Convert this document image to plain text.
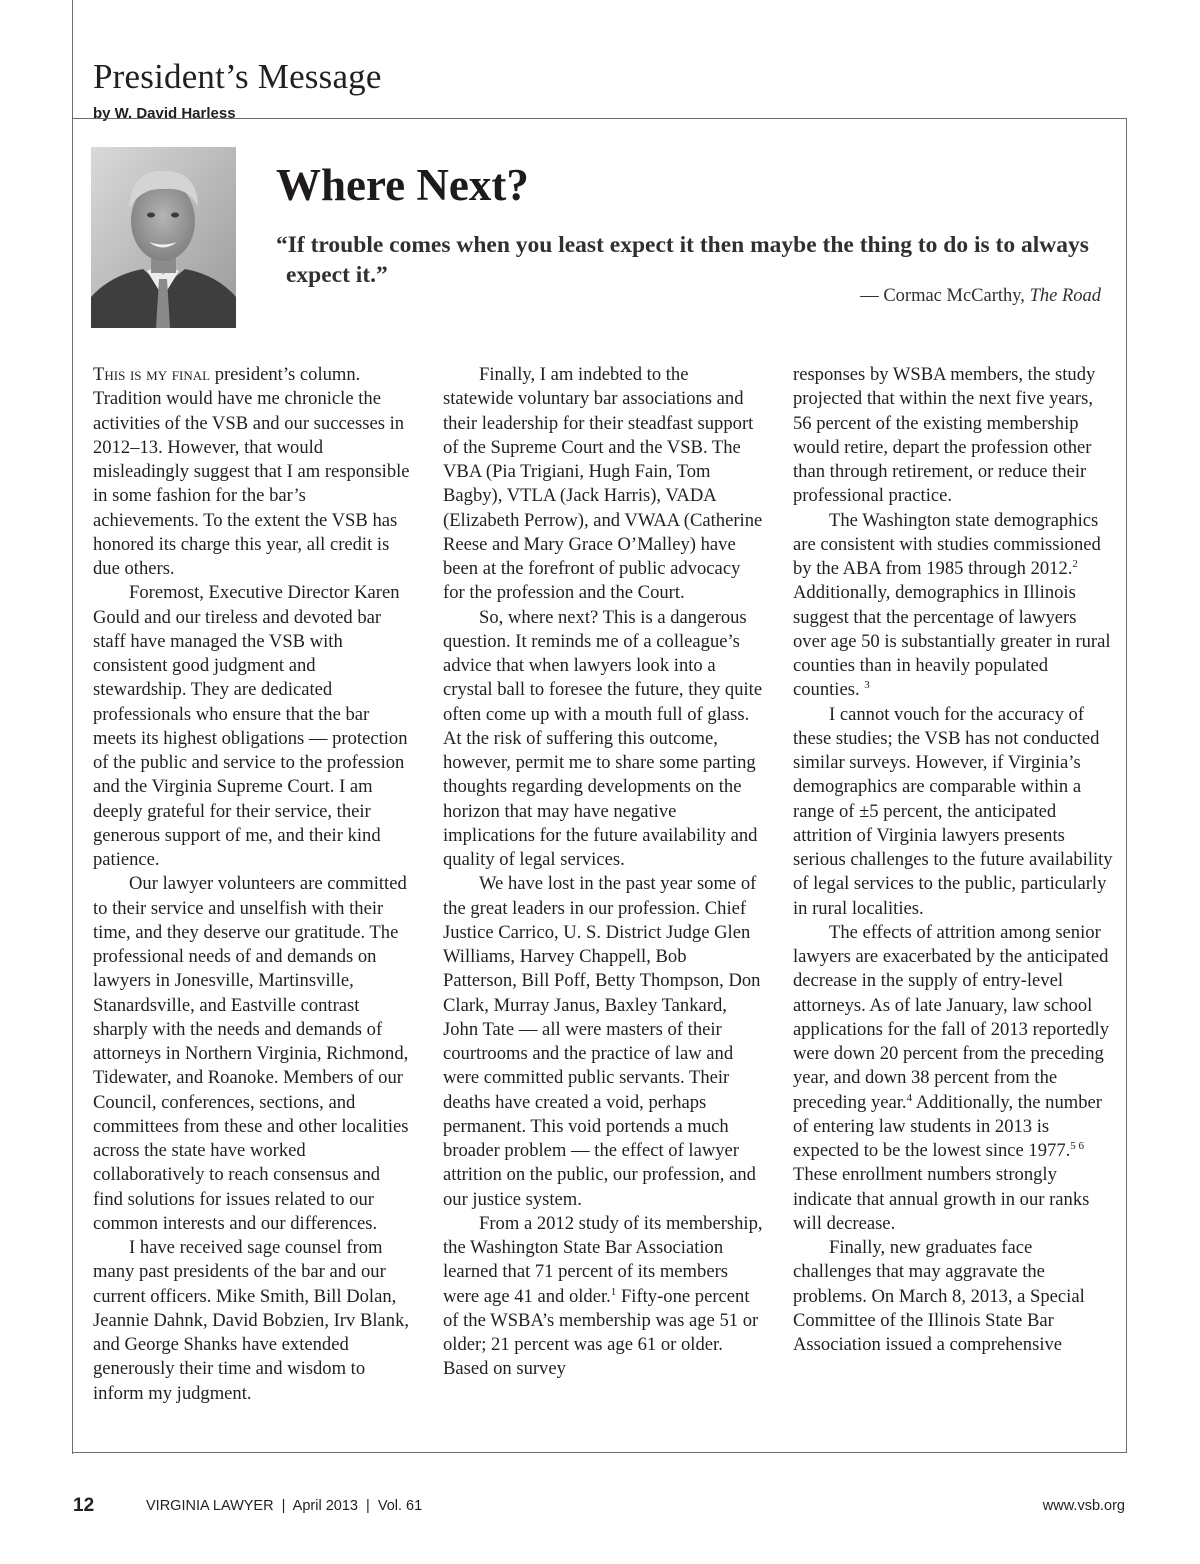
President’s Message
by W. David Harless
Where Next?

“If trouble comes when you least expect it then maybe the thing to do is to always expect it.”

— Cormac McCarthy, The Road

This is my final president’s column. Tradition would have me chronicle the activities of the VSB and our successes in 2012–13. However, that would misleadingly suggest that I am responsible in some fashion for the bar’s achievements. To the extent the VSB has honored its charge this year, all credit is due others.

Foremost, Executive Director Karen Gould and our tireless and devoted bar staff have managed the VSB with consistent good judgment and stewardship. They are dedicated professionals who ensure that the bar meets its highest obligations — protection of the public and service to the profession and the Virginia Supreme Court. I am deeply grateful for their service, their generous support of me, and their kind patience.

Our lawyer volunteers are committed to their service and unselfish with their time, and they deserve our gratitude. The professional needs of and demands on lawyers in Jonesville, Martinsville, Stanardsville, and Eastville contrast sharply with the needs and demands of attorneys in Northern Virginia, Richmond, Tidewater, and Roanoke. Members of our Council, conferences, sections, and committees from these and other localities across the state have worked collaboratively to reach consensus and find solutions for issues related to our common interests and our differences.

I have received sage counsel from many past presidents of the bar and our current officers. Mike Smith, Bill Dolan, Jeannie Dahnk, David Bobzien, Irv Blank, and George Shanks have extended generously their time and wisdom to inform my judgment.

Finally, I am indebted to the statewide voluntary bar associations and their leadership for their steadfast support of the Supreme Court and the VSB. The VBA (Pia Trigiani, Hugh Fain, Tom Bagby), VTLA (Jack Harris), VADA (Elizabeth Perrow), and VWAA (Catherine Reese and Mary Grace O’Malley) have been at the forefront of public advocacy for the profession and the Court.

So, where next? This is a dangerous question. It reminds me of a colleague’s advice that when lawyers look into a crystal ball to foresee the future, they quite often come up with a mouth full of glass. At the risk of suffering this outcome, however, permit me to share some parting thoughts regarding developments on the horizon that may have negative implications for the future availability and quality of legal services.

We have lost in the past year some of the great leaders in our profession. Chief Justice Carrico, U. S. District Judge Glen Williams, Harvey Chappell, Bob Patterson, Bill Poff, Betty Thompson, Don Clark, Murray Janus, Baxley Tankard, John Tate — all were masters of their courtrooms and the practice of law and were committed public servants. Their deaths have created a void, perhaps permanent. This void portends a much broader problem — the effect of lawyer attrition on the public, our profession, and our justice system.

From a 2012 study of its membership, the Washington State Bar Association learned that 71 percent of its members were age 41 and older.$^1$ Fifty-one percent of the WSBA’s membership was age 51 or older; 21 percent was age 61 or older. Based on survey

responses by WSBA members, the study projected that within the next five years, 56 percent of the existing membership would retire, depart the profession other than through retirement, or reduce their professional practice.

The Washington state demographics are consistent with studies commissioned by the ABA from 1985 through 2012.$^2$ Additionally, demographics in Illinois suggest that the percentage of lawyers over age 50 is substantially greater in rural counties than in heavily populated counties. $^3$

I cannot vouch for the accuracy of these studies; the VSB has not conducted similar surveys. However, if Virginia’s demographics are comparable within a range of ±5 percent, the anticipated attrition of Virginia lawyers presents serious challenges to the future availability of legal services to the public, particularly in rural localities.

The effects of attrition among senior lawyers are exacerbated by the anticipated decrease in the supply of entry-level attorneys. As of late January, law school applications for the fall of 2013 reportedly were down 20 percent from the preceding year, and down 38 percent from the preceding year.$^4$ Additionally, the number of entering law students in 2013 is expected to be the lowest since 1977.$^{5 6}$ These enrollment numbers strongly indicate that annual growth in our ranks will decrease.

Finally, new graduates face challenges that may aggravate the problems. On March 8, 2013, a Special Committee of the Illinois State Bar Association issued a comprehensive

12	VIRGINIA LAWYER  |  April 2013  |  Vol. 61	www.vsb.org
